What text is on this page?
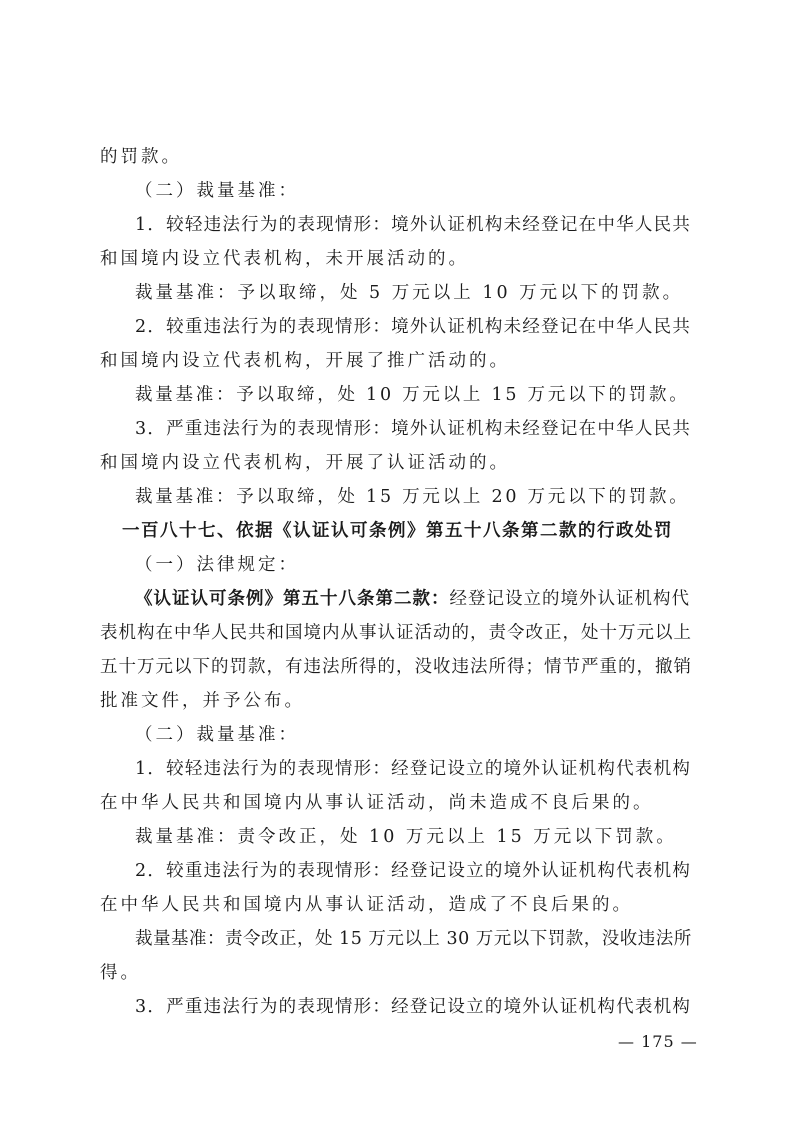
的罚款。
（二）裁量基准：
1．较轻违法行为的表现情形：境外认证机构未经登记在中华人民共
和国境内设立代表机构，未开展活动的。
裁量基准：予以取缔，处 5 万元以上 10 万元以下的罚款。
2．较重违法行为的表现情形：境外认证机构未经登记在中华人民共
和国境内设立代表机构，开展了推广活动的。
裁量基准：予以取缔，处 10 万元以上 15 万元以下的罚款。
3．严重违法行为的表现情形：境外认证机构未经登记在中华人民共
和国境内设立代表机构，开展了认证活动的。
裁量基准：予以取缔，处 15 万元以上 20 万元以下的罚款。
一百八十七、依据《认证认可条例》第五十八条第二款的行政处罚
（一）法律规定：
《认证认可条例》第五十八条第二款：经登记设立的境外认证机构代
表机构在中华人民共和国境内从事认证活动的，责令改正，处十万元以上
五十万元以下的罚款，有违法所得的，没收违法所得；情节严重的，撤销
批准文件，并予公布。
（二）裁量基准：
1．较轻违法行为的表现情形：经登记设立的境外认证机构代表机构
在中华人民共和国境内从事认证活动，尚未造成不良后果的。
裁量基准：责令改正，处 10 万元以上 15 万元以下罚款。
2．较重违法行为的表现情形：经登记设立的境外认证机构代表机构
在中华人民共和国境内从事认证活动，造成了不良后果的。
裁量基准：责令改正，处 15 万元以上 30 万元以下罚款，没收违法所
得。
3．严重违法行为的表现情形：经登记设立的境外认证机构代表机构
— 175 —
